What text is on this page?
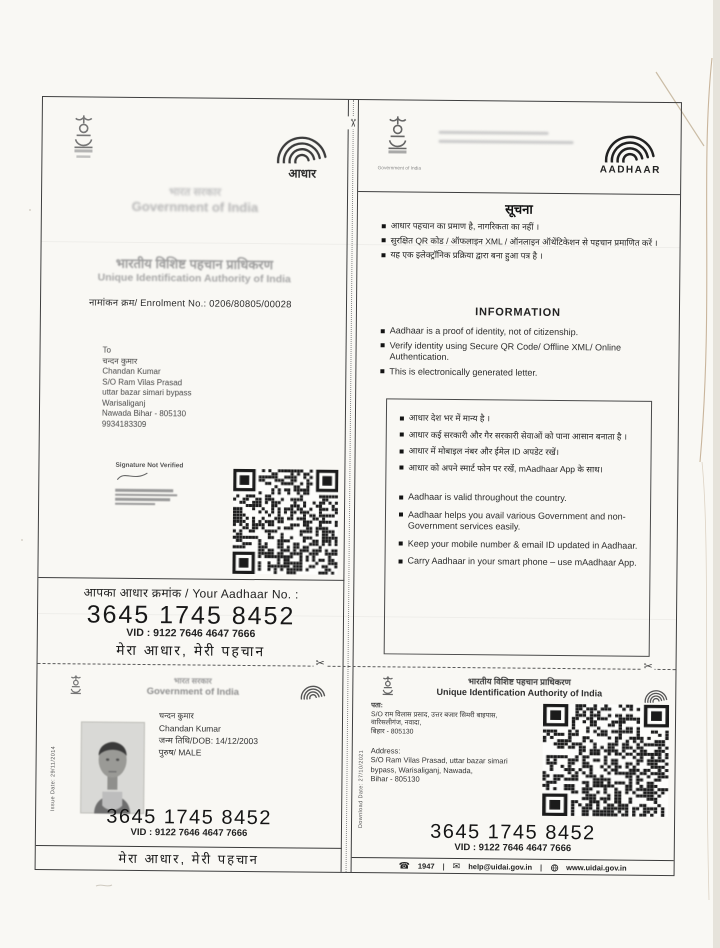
✂
✂	✂
आधार
भारत सरकार
Government of India
भारतीय विशिष्ट पहचान प्राधिकरण
Unique Identification Authority of India
नामांकन क्रम/ Enrolment No.: 0206/80805/00028
To
चन्दन कुमार
Chandan Kumar
S/O Ram Vilas Prasad
uttar bazar simari bypass
Warisaliganj
Nawada Bihar - 805130
9934183309
Signature Not Verified
आपका आधार क्रमांक / Your Aadhaar No. :
3645 1745 8452
VID : 9122 7646 4647 7666
मेरा आधार, मेरी पहचान
Government of India	AADHAAR
सूचना
आधार पहचान का प्रमाण है, नागरिकता का नहीं ।
सुरक्षित QR कोड / ऑफलाइन XML / ऑनलाइन ऑथेंटिकेशन से पहचान प्रमाणित करें ।
यह एक इलेक्ट्रॉनिक प्रक्रिया द्वारा बना हुआ पत्र है ।
INFORMATION
Aadhaar is a proof of identity, not of citizenship.
Verify identity using Secure QR Code/ Offline XML/ Online Authentication.
This is electronically generated letter.
आधार देश भर में मान्य है ।
आधार कई सरकारी और गैर सरकारी सेवाओं को पाना आसान बनाता है ।
आधार में मोबाइल नंबर और ईमेल ID अपडेट रखें।
आधार को अपने स्मार्ट फोन पर रखें, mAadhaar App के साथ।
Aadhaar is valid throughout the country.
Aadhaar helps you avail various Government and non-Government services easily.
Keep your mobile number & email ID updated in Aadhaar.
Carry Aadhaar in your smart phone – use mAadhaar App.
Issue Date: 29/11/2014
भारत सरकार
Government of India
चन्दन कुमार
Chandan Kumar
जन्म तिथि/DOB: 14/12/2003
पुरुष/ MALE
3645 1745 8452
VID : 9122 7646 4647 7666
मेरा आधार, मेरी पहचान
Download Date: 27/10/2021
भारतीय विशिष्ट पहचान प्राधिकरण
Unique Identification Authority of India
पता:
S/O राम विलास प्रसाद, उत्तर बजार सिमरी बाइपास,
वारिसलीगंज, नवादा,
बिहार - 805130
Address:
S/O Ram Vilas Prasad, uttar bazar simari
bypass, Warisaliganj, Nawada,
Bihar - 805130
3645 1745 8452
VID : 9122 7646 4647 7666
☎ 1947 | ✉ help@uidai.gov.in |	www.uidai.gov.in
